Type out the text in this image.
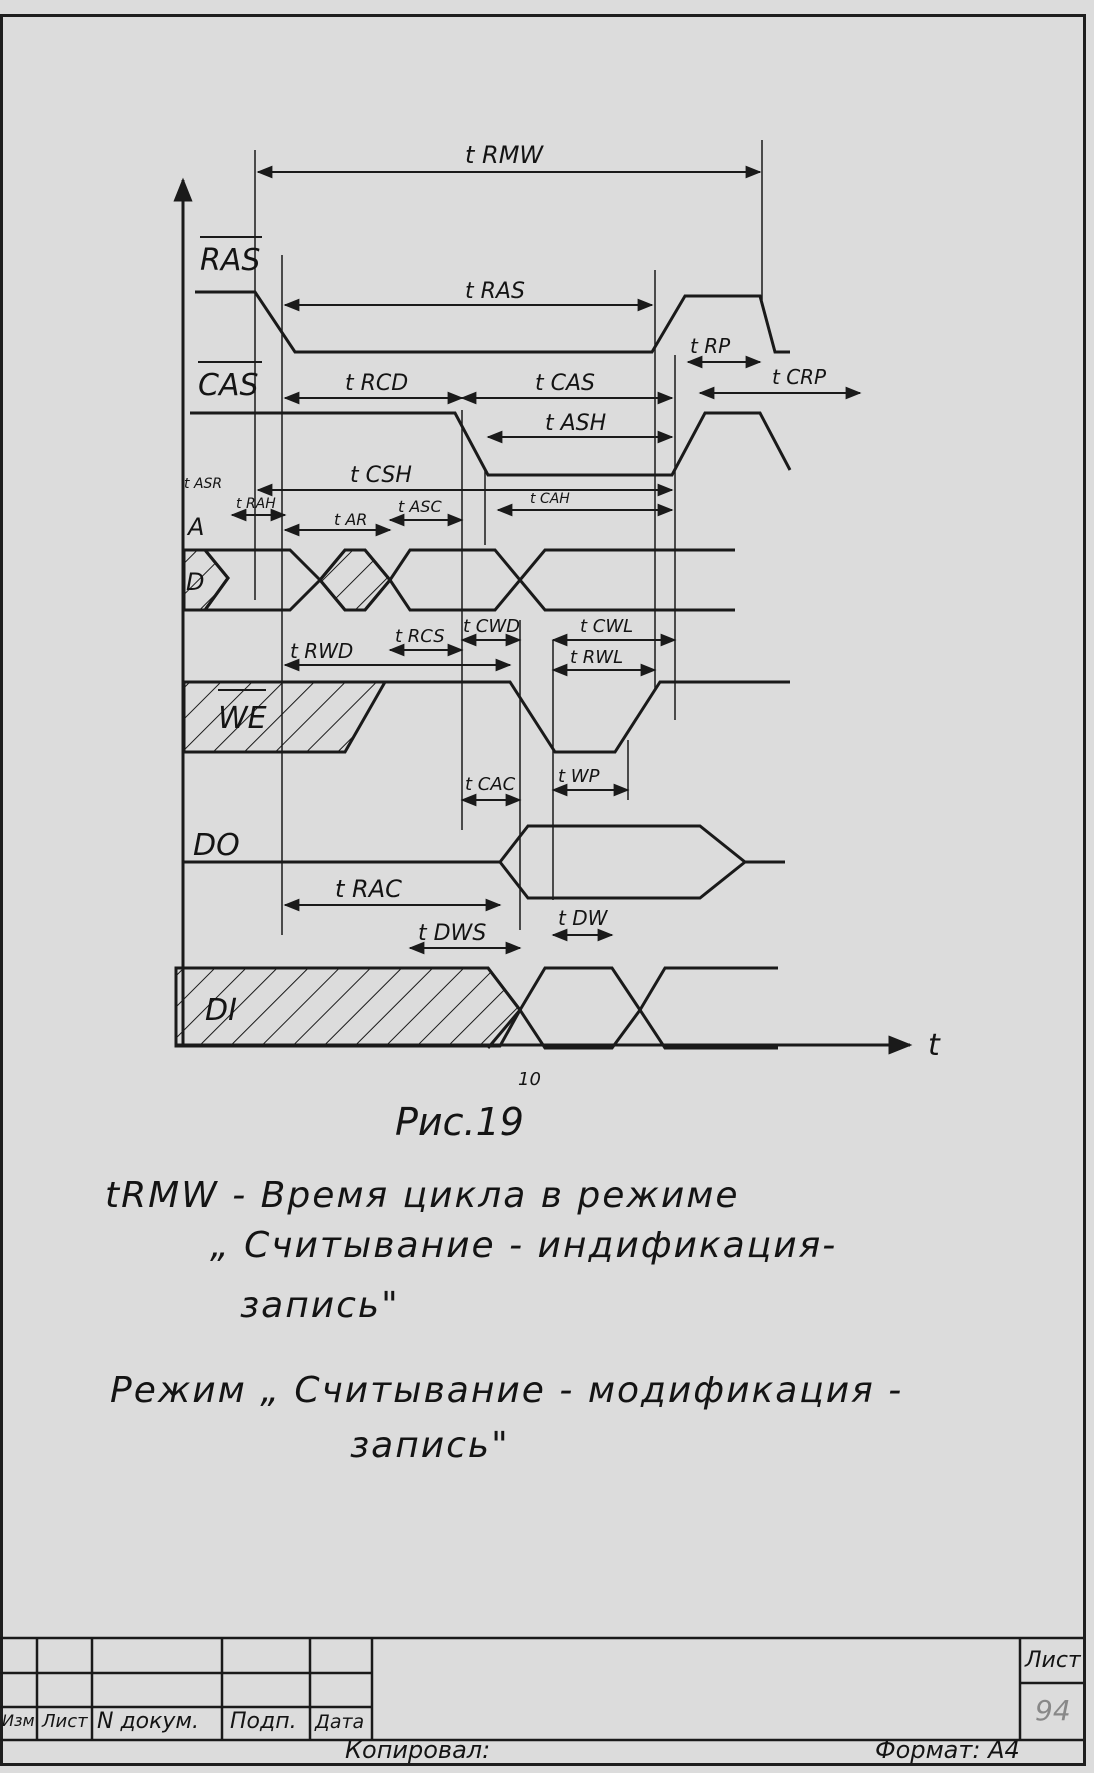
RAS
CAS
A
D
WE
DO
DI
t
t RMW
t RAS
t RP
t CRP
t RCD	t CAS
t ASH
t CSH
t ASR
t RAH
t AR
t ASC	t CAH
t RWD
t RCS t CWD	t CWL
t RWL
t CAC t WP
t RAC
t DWS
t DW
10
Рис.19
tRMW - Время цикла в режиме
„ Считывание - индификация-
запись"
Режим „ Считывание - модификация -
запись"
Изм Лист N докум. Подп. Дата
Лист
94
Копировал:	Формат: А4
